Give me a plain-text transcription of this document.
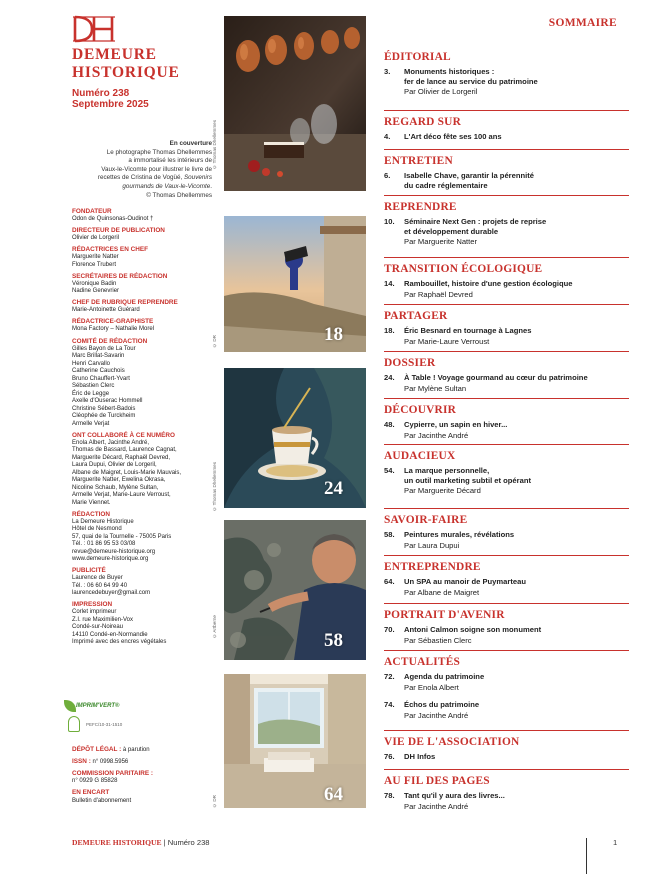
DEMEURE
HISTORIQUE
Numéro 238
Septembre 2025
En couverture
Le photographe Thomas Dhellemmes
a immortalisé les intérieurs de
Vaux-le-Vicomte pour illustrer le livre de
recettes de Cristina de Vogüé, Souvenirs
gourmands de Vaux-le-Vicomte.
© Thomas Dhellemmes
FONDATEUR
Odon de Quinsonas-Oudinot †
DIRECTEUR DE PUBLICATION
Olivier de Lorgeril
RÉDACTRICES EN CHEF
Marguerite Natter
Florence Trubert
SECRÉTAIRES DE RÉDACTION
Véronique Badin
Nadine Genevrier
CHEF DE RUBRIQUE REPRENDRE
Marie-Antoinette Guérard
RÉDACTRICE-GRAPHISTE
Mona Factory – Nathalie Morel
COMITÉ DE RÉDACTION
Gilles Bayon de La Tour
Marc Brillat-Savarin
Henri Carvallo
Catherine Cauchois
Bruno Chauffert-Yvart
Sébastien Clerc
Éric de Legge
Axelle d'Ouserac Hommell
Christine Sébert-Badois
Cléophée de Turckheim
Armelle Verjat
ONT COLLABORÉ À CE NUMÉRO
Enola Albert, Jacinthe André,
Thomas de Bassard, Laurence Cagnat,
Marguerite Décard, Raphaël Devred,
Laura Dupui, Olivier de Lorgeril,
Albane de Maigret, Louis-Marie Mauvais,
Marguerite Natter, Ewelina Okrasa,
Nicoline Schaub, Mylène Sultan,
Armelle Verjat, Marie-Laure Verroust,
Marie Viennet.
RÉDACTION
La Demeure Historique
Hôtel de Nesmond
57, quai de la Tournelle - 75005 Paris
Tél. : 01 86 95 53 03/08
revue@demeure-historique.org
www.demeure-historique.org
PUBLICITÉ
Laurence de Buyer
Tél. : 06 60 64 99 40
laurencedebuyer@gmail.com
IMPRESSION
Corlet imprimeur
Z.I. rue Maximilien-Vox
Condé-sur-Noireau
14110 Condé-en-Normandie
Imprimé avec des encres végétales
IMPRIM'VERT®
PEFC/10-31-1510
DÉPÔT LÉGAL : à parution
ISSN : n° 0998.5956
COMMISSION PARITAIRE :
n° 0929 G 85828
EN ENCART
Bulletin d'abonnement
© Thomas Dhellemmes
18
© DR
24
© Thomas Dhellemmes
58
© Artberne
64
© DR
SOMMAIRE
ÉDITORIAL
3. Monuments historiques :
fer de lance au service du patrimoine
Par Olivier de Lorgeril
REGARD SUR
4. L'Art déco fête ses 100 ans
ENTRETIEN
6. Isabelle Chave, garantir la pérennité
du cadre réglementaire
REPRENDRE
10. Séminaire Next Gen : projets de reprise
et développement durable
Par Marguerite Natter
TRANSITION ÉCOLOGIQUE
14. Rambouillet, histoire d'une gestion écologique
Par Raphaël Devred
PARTAGER
18. Éric Besnard en tournage à Lagnes
Par Marie-Laure Verroust
DOSSIER
24. À Table ! Voyage gourmand au cœur du patrimoine
Par Mylène Sultan
DÉCOUVRIR
48. Cypierre, un sapin en hiver...
Par Jacinthe André
AUDACIEUX
54. La marque personnelle,
un outil marketing subtil et opérant
Par Marguerite Décard
SAVOIR-FAIRE
58. Peintures murales, révélations
Par Laura Dupui
ENTREPRENDRE
64. Un SPA au manoir de Puymarteau
Par Albane de Maigret
PORTRAIT D'AVENIR
70. Antoni Calmon soigne son monument
Par Sébastien Clerc
ACTUALITÉS
72. Agenda du patrimoine
Par Enola Albert
74. Échos du patrimoine
Par Jacinthe André
VIE DE L'ASSOCIATION
76. DH Infos
AU FIL DES PAGES
78. Tant qu'il y aura des livres...
Par Jacinthe André
DEMEURE HISTORIQUE | Numéro 238	1
